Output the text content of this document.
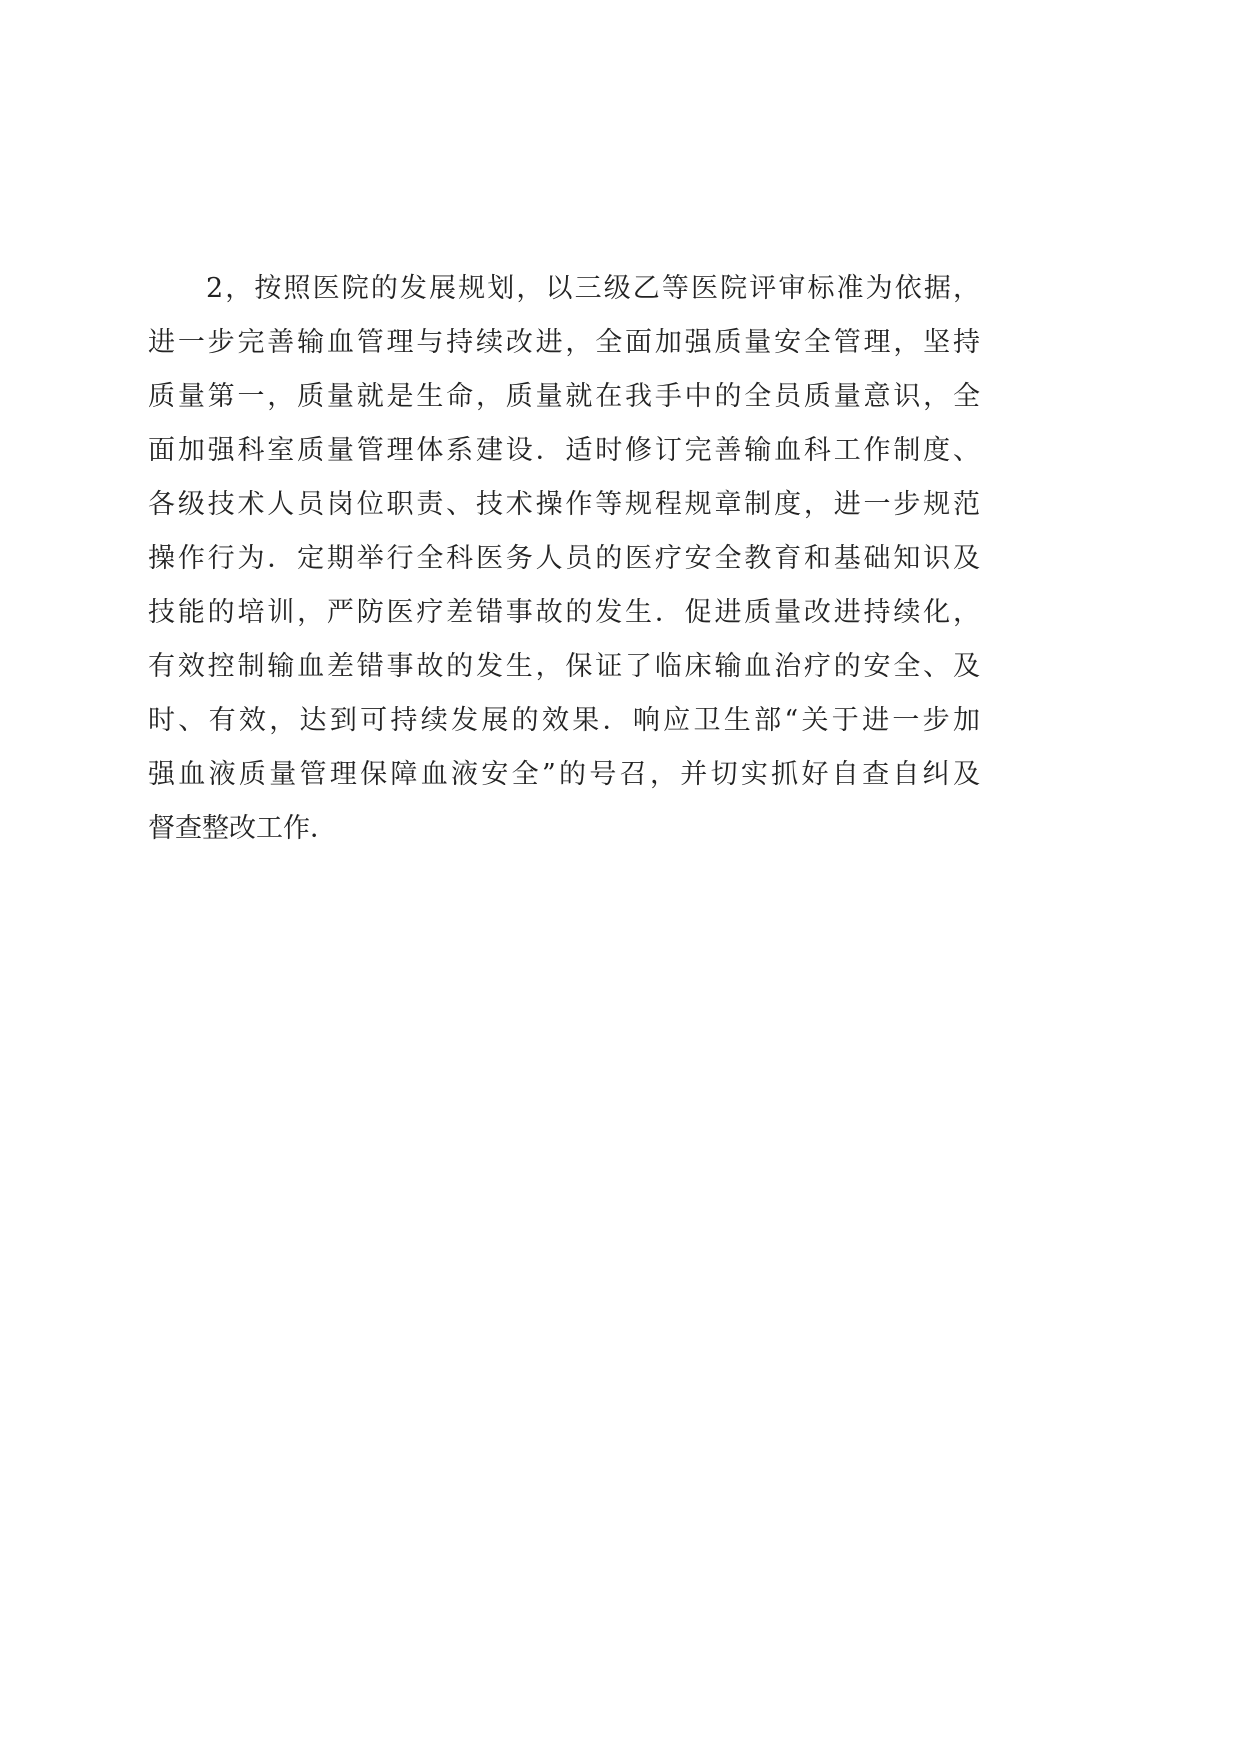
2，按照医院的发展规划，以三级乙等医院评审标准为依据，
进一步完善输血管理与持续改进，全面加强质量安全管理，坚持
质量第一，质量就是生命，质量就在我手中的全员质量意识，全
面加强科室质量管理体系建设．适时修订完善输血科工作制度、
各级技术人员岗位职责、技术操作等规程规章制度，进一步规范
操作行为．定期举行全科医务人员的医疗安全教育和基础知识及
技能的培训，严防医疗差错事故的发生．促进质量改进持续化，
有效控制输血差错事故的发生，保证了临床输血治疗的安全、及
时、有效，达到可持续发展的效果．响应卫生部“关于进一步加
强血液质量管理保障血液安全”的号召，并切实抓好自查自纠及
督查整改工作．
